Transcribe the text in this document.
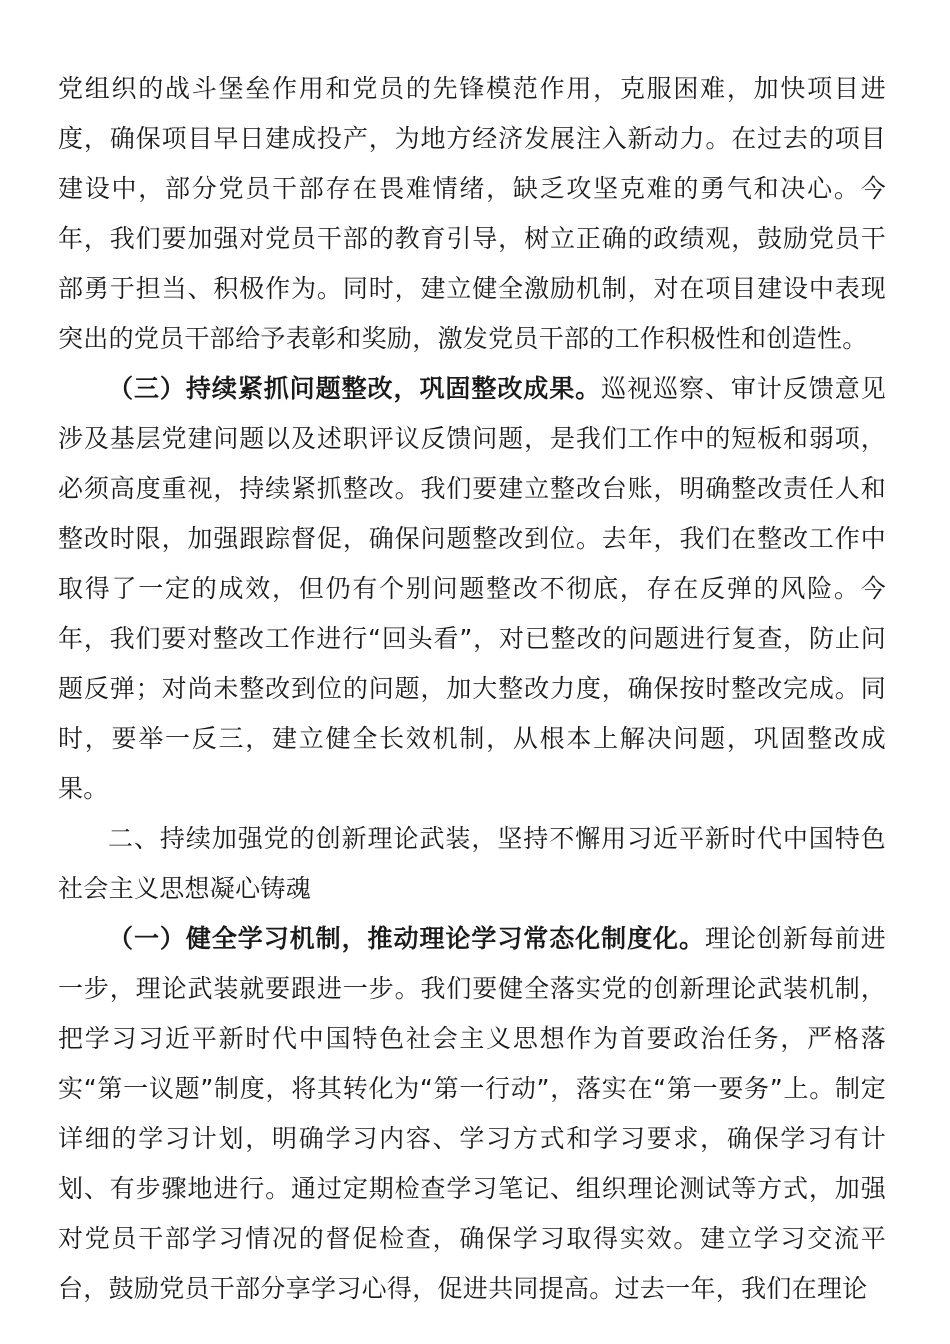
党组织的战斗堡垒作用和党员的先锋模范作用，克服困难，加快项目进度，确保项目早日建成投产，为地方经济发展注入新动力。在过去的项目建设中，部分党员干部存在畏难情绪，缺乏攻坚克难的勇气和决心。今年，我们要加强对党员干部的教育引导，树立正确的政绩观，鼓励党员干部勇于担当、积极作为。同时，建立健全激励机制，对在项目建设中表现突出的党员干部给予表彰和奖励，激发党员干部的工作积极性和创造性。

（三）持续紧抓问题整改，巩固整改成果。巡视巡察、审计反馈意见涉及基层党建问题以及述职评议反馈问题，是我们工作中的短板和弱项，必须高度重视，持续紧抓整改。我们要建立整改台账，明确整改责任人和整改时限，加强跟踪督促，确保问题整改到位。去年，我们在整改工作中取得了一定的成效，但仍有个别问题整改不彻底，存在反弹的风险。今年，我们要对整改工作进行“回头看”，对已整改的问题进行复查，防止问题反弹；对尚未整改到位的问题，加大整改力度，确保按时整改完成。同时，要举一反三，建立健全长效机制，从根本上解决问题，巩固整改成果。

二、持续加强党的创新理论武装，坚持不懈用习近平新时代中国特色社会主义思想凝心铸魂

（一）健全学习机制，推动理论学习常态化制度化。理论创新每前进一步，理论武装就要跟进一步。我们要健全落实党的创新理论武装机制，把学习习近平新时代中国特色社会主义思想作为首要政治任务，严格落实“第一议题”制度，将其转化为“第一行动”，落实在“第一要务”上。制定详细的学习计划，明确学习内容、学习方式和学习要求，确保学习有计划、有步骤地进行。通过定期检查学习笔记、组织理论测试等方式，加强对党员干部学习情况的督促检查，确保学习取得实效。建立学习交流平台，鼓励党员干部分享学习心得，促进共同提高。过去一年，我们在理论
